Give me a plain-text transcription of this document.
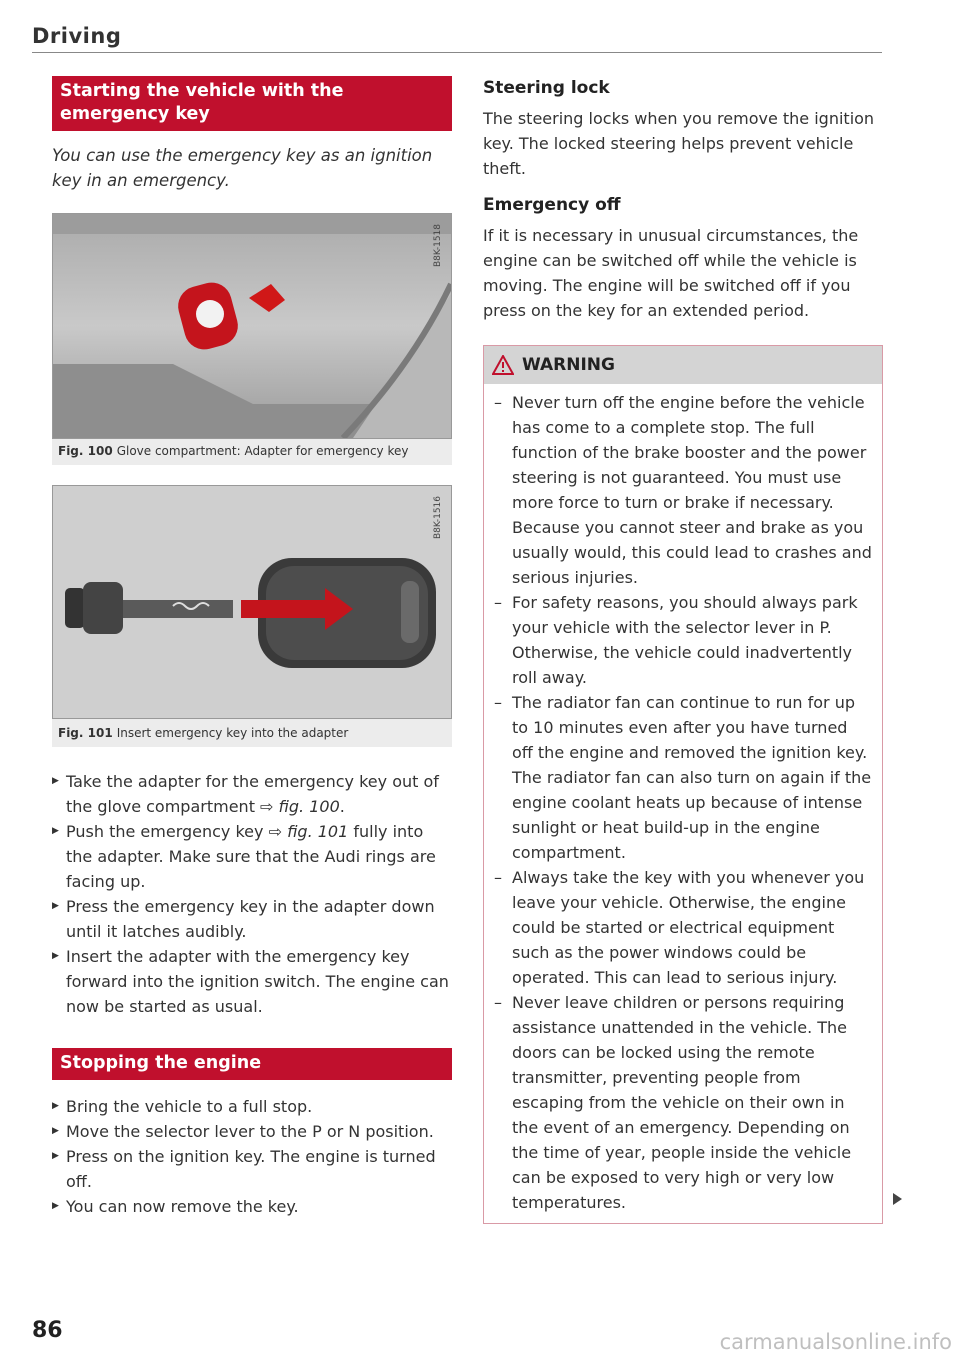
Driving
Starting the vehicle with the emergency key
You can use the emergency key as an ignition key in an emergency.
B8K-1518
Fig. 100 Glove compartment: Adapter for emergency key
B8K-1516
Fig. 101 Insert emergency key into the adapter
▶ Take the adapter for the emergency key out of the glove compartment ⇨ fig. 100.
▶ Push the emergency key ⇨ fig. 101 fully into the adapter. Make sure that the Audi rings are facing up.
▶ Press the emergency key in the adapter down until it latches audibly.
▶ Insert the adapter with the emergency key forward into the ignition switch. The engine can now be started as usual.
Stopping the engine
▶ Bring the vehicle to a full stop.
▶ Move the selector lever to the P or N position.
▶ Press on the ignition key. The engine is turned off.
▶ You can now remove the key.
Steering lock
The steering locks when you remove the ignition key. The locked steering helps prevent vehicle theft.
Emergency off
If it is necessary in unusual circumstances, the engine can be switched off while the vehicle is moving. The engine will be switched off if you press on the key for an extended period.
WARNING
– Never turn off the engine before the vehicle has come to a complete stop. The full function of the brake booster and the power steering is not guaranteed. You must use more force to turn or brake if necessary. Because you cannot steer and brake as you usually would, this could lead to crashes and serious injuries.
– For safety reasons, you should always park your vehicle with the selector lever in P. Otherwise, the vehicle could inadvertently roll away.
– The radiator fan can continue to run for up to 10 minutes even after you have turned off the engine and removed the ignition key. The radiator fan can also turn on again if the engine coolant heats up because of intense sunlight or heat build-up in the engine compartment.
– Always take the key with you whenever you leave your vehicle. Otherwise, the engine could be started or electrical equipment such as the power windows could be operated. This can lead to serious injury.
– Never leave children or persons requiring assistance unattended in the vehicle. The doors can be locked using the remote transmitter, preventing people from escaping from the vehicle on their own in the event of an emergency. Depending on the time of year, people inside the vehicle can be exposed to very high or very low temperatures.
86	carmanualsonline.info
